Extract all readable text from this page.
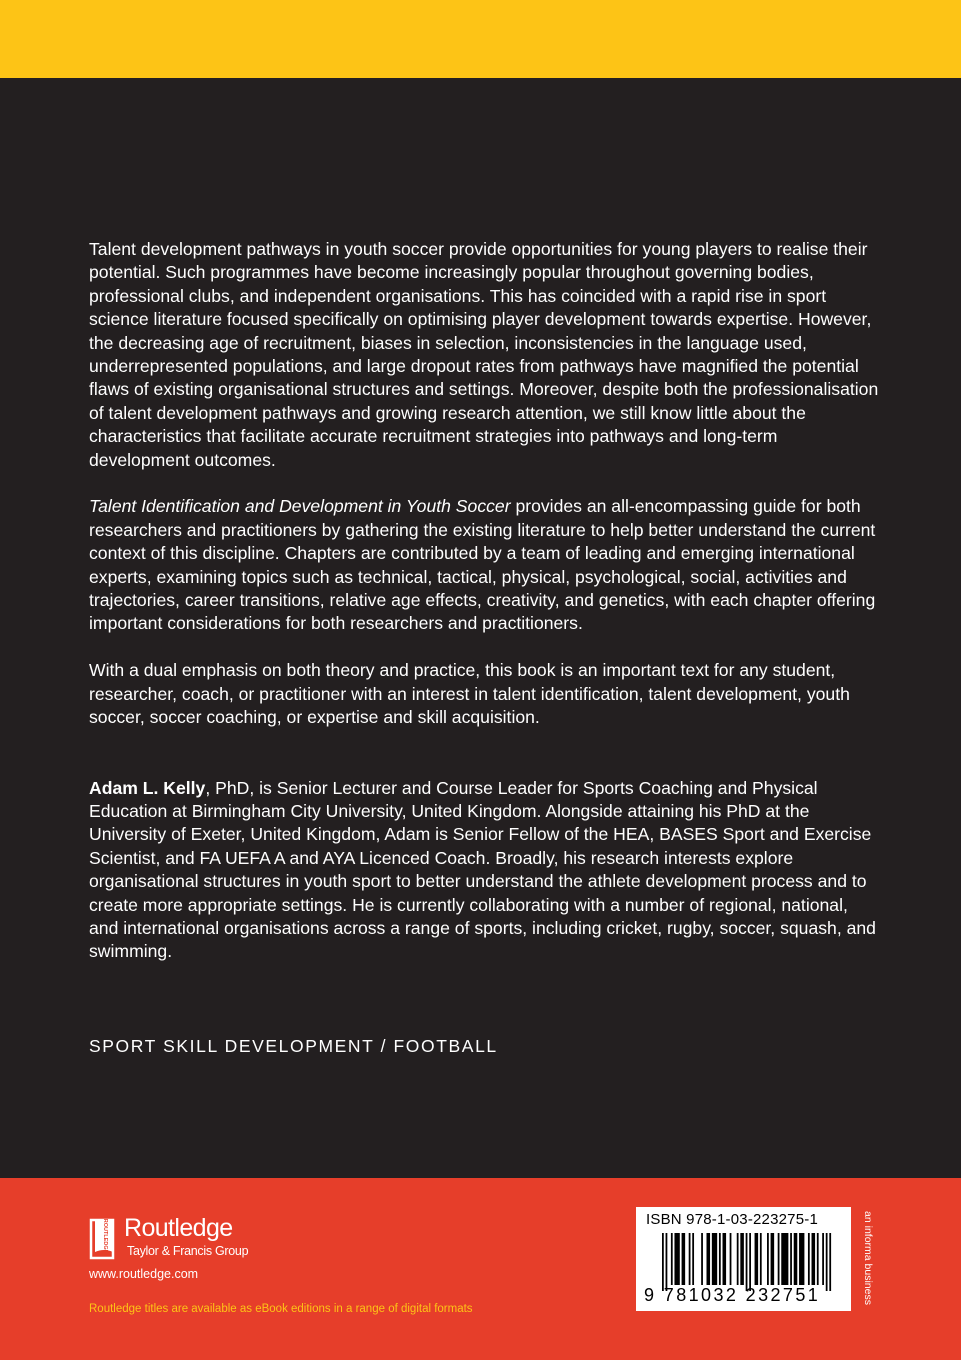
Talent development pathways in youth soccer provide opportunities for young players to realise their potential. Such programmes have become increasingly popular throughout governing bodies, professional clubs, and independent organisations. This has coincided with a rapid rise in sport science literature focused specifically on optimising player development towards expertise. However, the decreasing age of recruitment, biases in selection, inconsistencies in the language used, underrepresented populations, and large dropout rates from pathways have magnified the potential flaws of existing organisational structures and settings. Moreover, despite both the professionalisation of talent development pathways and growing research attention, we still know little about the characteristics that facilitate accurate recruitment strategies into pathways and long-term development outcomes.

Talent Identification and Development in Youth Soccer provides an all-encompassing guide for both researchers and practitioners by gathering the existing literature to help better understand the current context of this discipline. Chapters are contributed by a team of leading and emerging international experts, examining topics such as technical, tactical, physical, psychological, social, activities and trajectories, career transitions, relative age effects, creativity, and genetics, with each chapter offering important considerations for both researchers and practitioners.

With a dual emphasis on both theory and practice, this book is an important text for any student, researcher, coach, or practitioner with an interest in talent identification, talent development, youth soccer, soccer coaching, or expertise and skill acquisition.

Adam L. Kelly, PhD, is Senior Lecturer and Course Leader for Sports Coaching and Physical Education at Birmingham City University, United Kingdom. Alongside attaining his PhD at the University of Exeter, United Kingdom, Adam is Senior Fellow of the HEA, BASES Sport and Exercise Scientist, and FA UEFA A and AYA Licenced Coach. Broadly, his research interests explore organisational structures in youth sport to better understand the athlete development process and to create more appropriate settings. He is currently collaborating with a number of regional, national, and international organisations across a range of sports, including cricket, rugby, soccer, squash, and swimming.

SPORT SKILL DEVELOPMENT / FOOTBALL
ROUTLEDGE Routledge
Taylor & Francis Group
www.routledge.com
Routledge titles are available as eBook editions in a range of digital formats
ISBN 978-1-03-223275-1
9 781032 232751	an informa business
